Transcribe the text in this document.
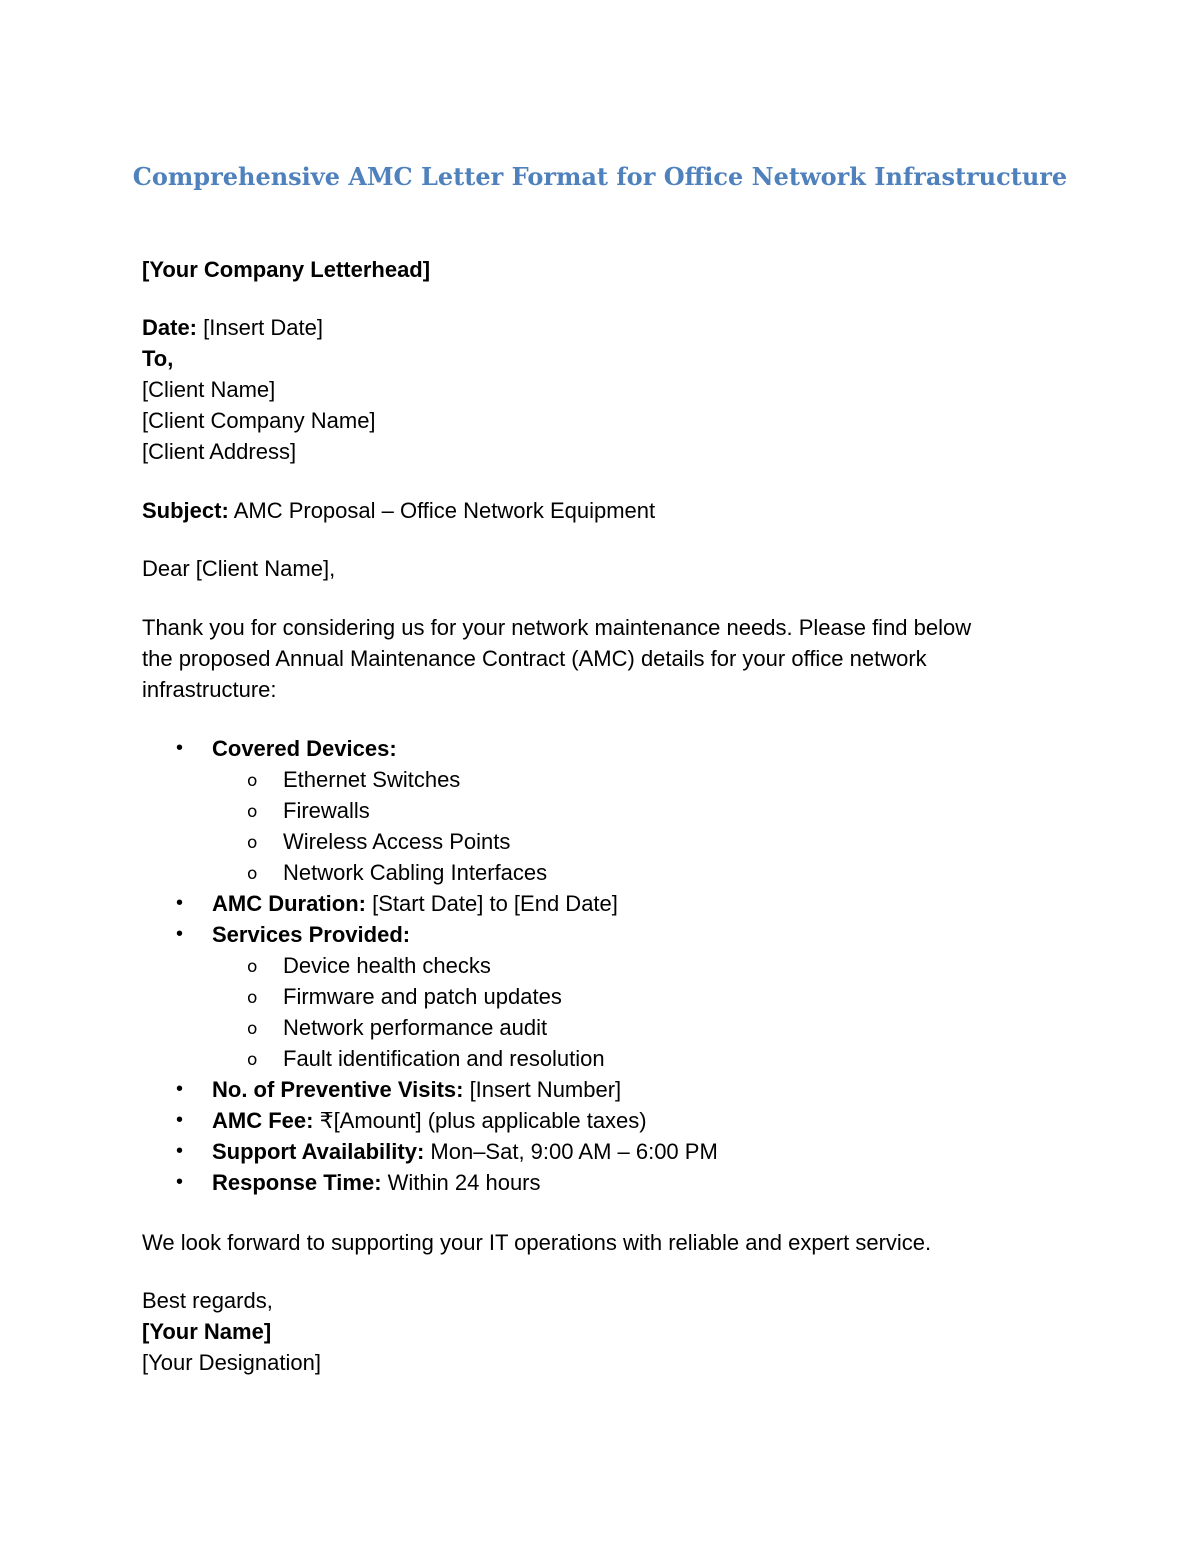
Comprehensive AMC Letter Format for Office Network Infrastructure
[Your Company Letterhead]
Date: [Insert Date]
To,
[Client Name]
[Client Company Name]
[Client Address]
Subject: AMC Proposal – Office Network Equipment
Dear [Client Name],
Thank you for considering us for your network maintenance needs. Please find below
the proposed Annual Maintenance Contract (AMC) details for your office network
infrastructure:
• Covered Devices:
o Ethernet Switches
o Firewalls
o Wireless Access Points
o Network Cabling Interfaces
• AMC Duration: [Start Date] to [End Date]
• Services Provided:
o Device health checks
o Firmware and patch updates
o Network performance audit
o Fault identification and resolution
• No. of Preventive Visits: [Insert Number]
• AMC Fee: ₹[Amount] (plus applicable taxes)
• Support Availability: Mon–Sat, 9:00 AM – 6:00 PM
• Response Time: Within 24 hours
We look forward to supporting your IT operations with reliable and expert service.
Best regards,
[Your Name]
[Your Designation]
